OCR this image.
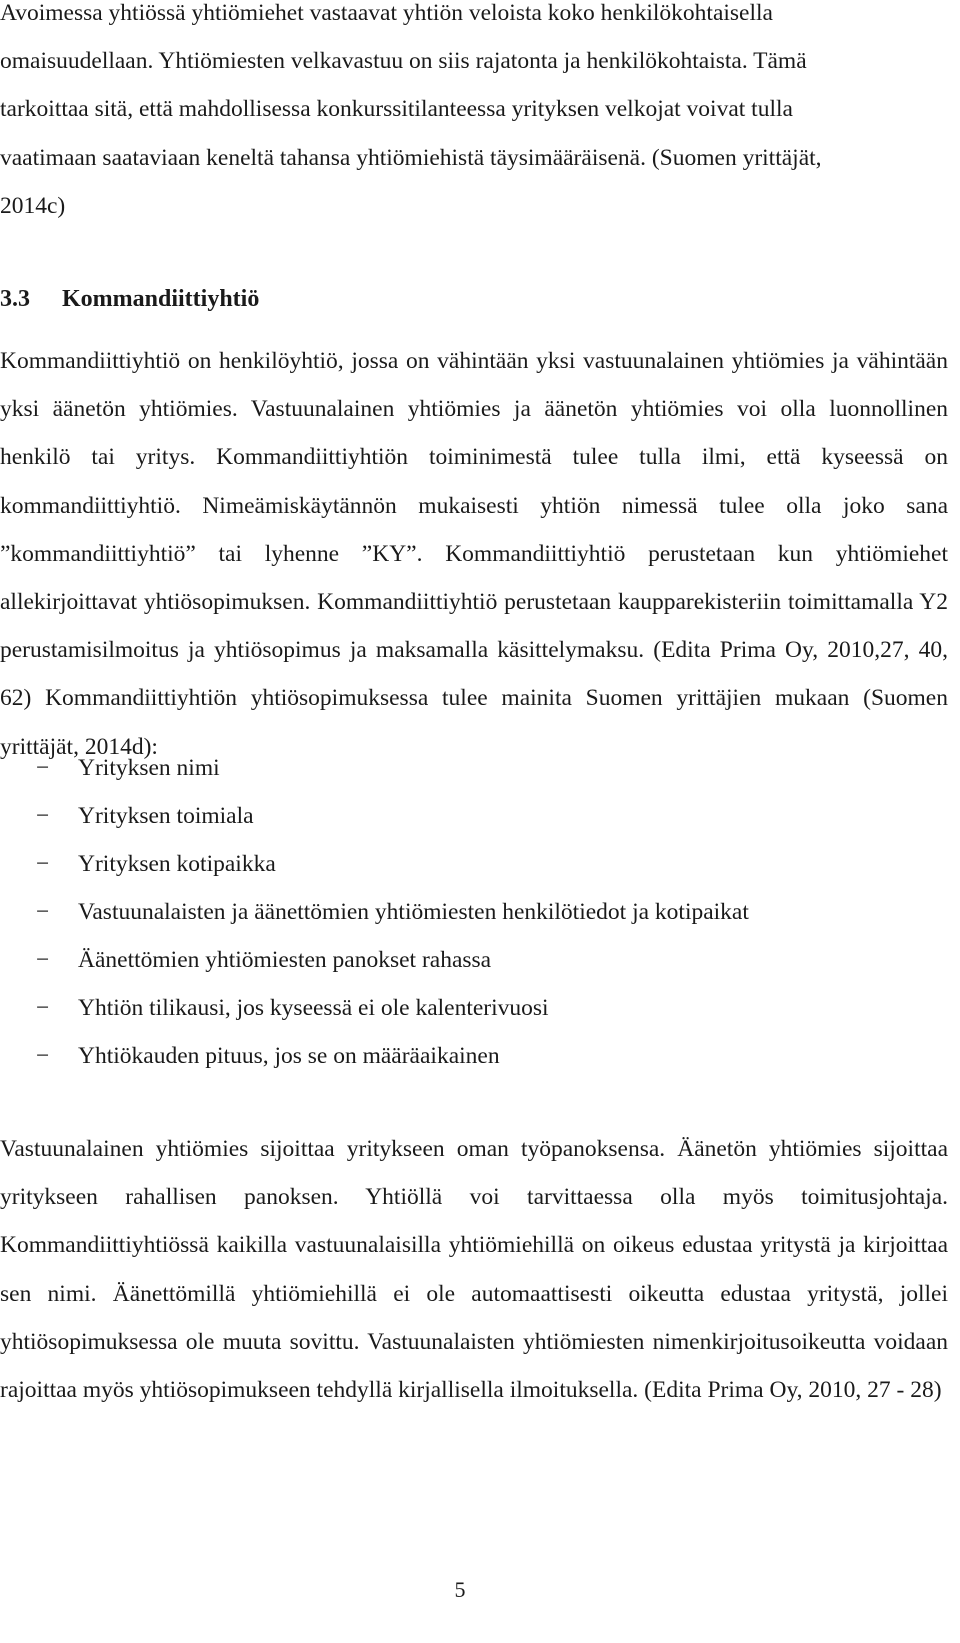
Avoimessa yhtiössä yhtiömiehet vastaavat yhtiön veloista koko henkilökohtaisella
omaisuudellaan. Yhtiömiesten velkavastuu on siis rajatonta ja henkilökohtaista. Tämä
tarkoittaa sitä, että mahdollisessa konkurssitilanteessa yrityksen velkojat voivat tulla
vaatimaan saataviaan keneltä tahansa yhtiömiehistä täysimääräisenä. (Suomen yrittäjät,
2014c)

3.3 Kommandiittiyhtiö

Kommandiittiyhtiö on henkilöyhtiö, jossa on vähintään yksi vastuunalainen yhtiömies ja vähintään yksi äänetön yhtiömies. Vastuunalainen yhtiömies ja äänetön yhtiömies voi olla luonnollinen henkilö tai yritys. Kommandiittiyhtiön toiminimestä tulee tulla ilmi, että kyseessä on kommandiittiyhtiö. Nimeämiskäytännön mukaisesti yhtiön nimessä tulee olla joko sana ”kommandiittiyhtiö” tai lyhenne ”KY”. Kommandiittiyhtiö perustetaan kun yhtiömiehet allekirjoittavat yhtiösopimuksen. Kommandiittiyhtiö perustetaan kaupparekisteriin toimittamalla Y2 perustamisilmoitus ja yhtiösopimus ja maksamalla käsittelymaksu. (Edita Prima Oy, 2010,27, 40, 62) Kommandiittiyhtiön yhtiösopimuksessa tulee mainita Suomen yrittäjien mukaan (Suomen yrittäjät, 2014d):

− Yrityksen nimi
− Yrityksen toimiala
− Yrityksen kotipaikka
− Vastuunalaisten ja äänettömien yhtiömiesten henkilötiedot ja kotipaikat
− Äänettömien yhtiömiesten panokset rahassa
− Yhtiön tilikausi, jos kyseessä ei ole kalenterivuosi
− Yhtiökauden pituus, jos se on määräaikainen

Vastuunalainen yhtiömies sijoittaa yritykseen oman työpanoksensa. Äänetön yhtiömies sijoittaa yritykseen rahallisen panoksen. Yhtiöllä voi tarvittaessa olla myös toimitusjohtaja. Kommandiittiyhtiössä kaikilla vastuunalaisilla yhtiömiehillä on oikeus edustaa yritystä ja kirjoittaa sen nimi. Äänettömillä yhtiömiehillä ei ole automaattisesti oikeutta edustaa yritystä, jollei yhtiösopimuksessa ole muuta sovittu. Vastuunalaisten yhtiömiesten nimenkirjoitusoikeutta voidaan rajoittaa myös yhtiösopimukseen tehdyllä kirjallisella ilmoituksella. (Edita Prima Oy, 2010, 27 - 28)

5
